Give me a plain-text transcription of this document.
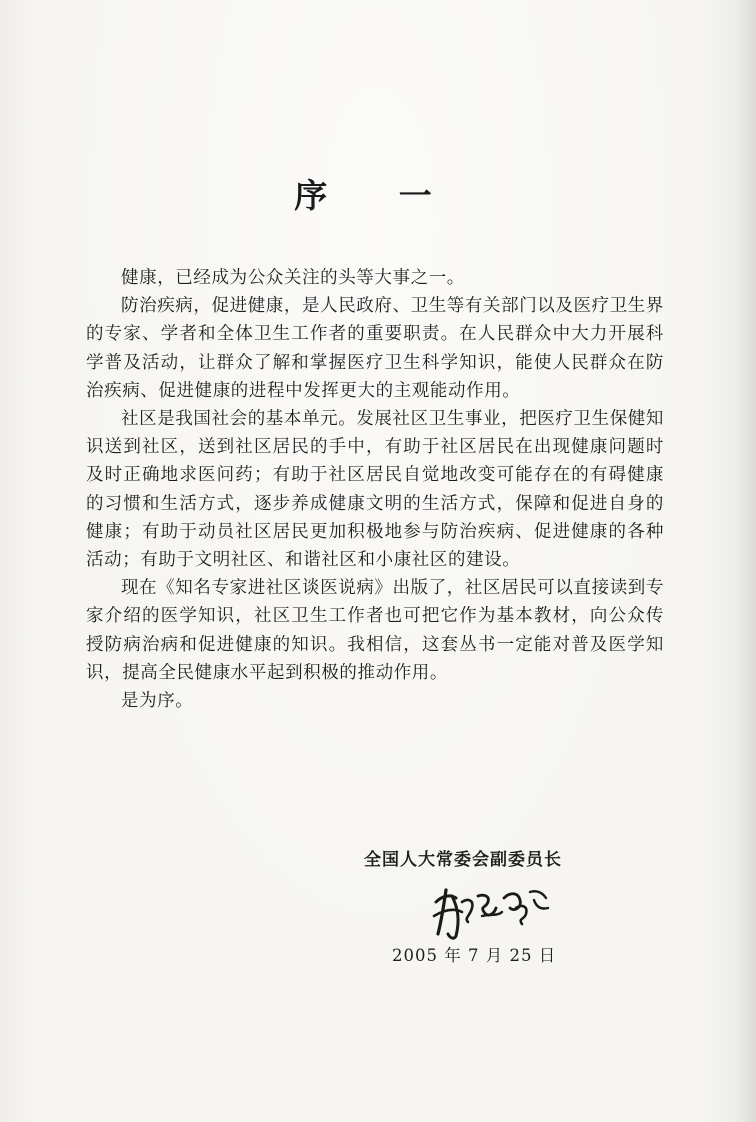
序 一

健康，已经成为公众关注的头等大事之一。

防治疾病，促进健康，是人民政府、卫生等有关部门以及医疗卫生界的专家、学者和全体卫生工作者的重要职责。在人民群众中大力开展科学普及活动，让群众了解和掌握医疗卫生科学知识，能使人民群众在防治疾病、促进健康的进程中发挥更大的主观能动作用。

社区是我国社会的基本单元。发展社区卫生事业，把医疗卫生保健知识送到社区，送到社区居民的手中，有助于社区居民在出现健康问题时及时正确地求医问药；有助于社区居民自觉地改变可能存在的有碍健康的习惯和生活方式，逐步养成健康文明的生活方式，保障和促进自身的健康；有助于动员社区居民更加积极地参与防治疾病、促进健康的各种活动；有助于文明社区、和谐社区和小康社区的建设。

现在《知名专家进社区谈医说病》出版了，社区居民可以直接读到专家介绍的医学知识，社区卫生工作者也可把它作为基本教材，向公众传授防病治病和促进健康的知识。我相信，这套丛书一定能对普及医学知识，提高全民健康水平起到积极的推动作用。

是为序。

全国人大常委会副委员长
2005 年 7 月 25 日
